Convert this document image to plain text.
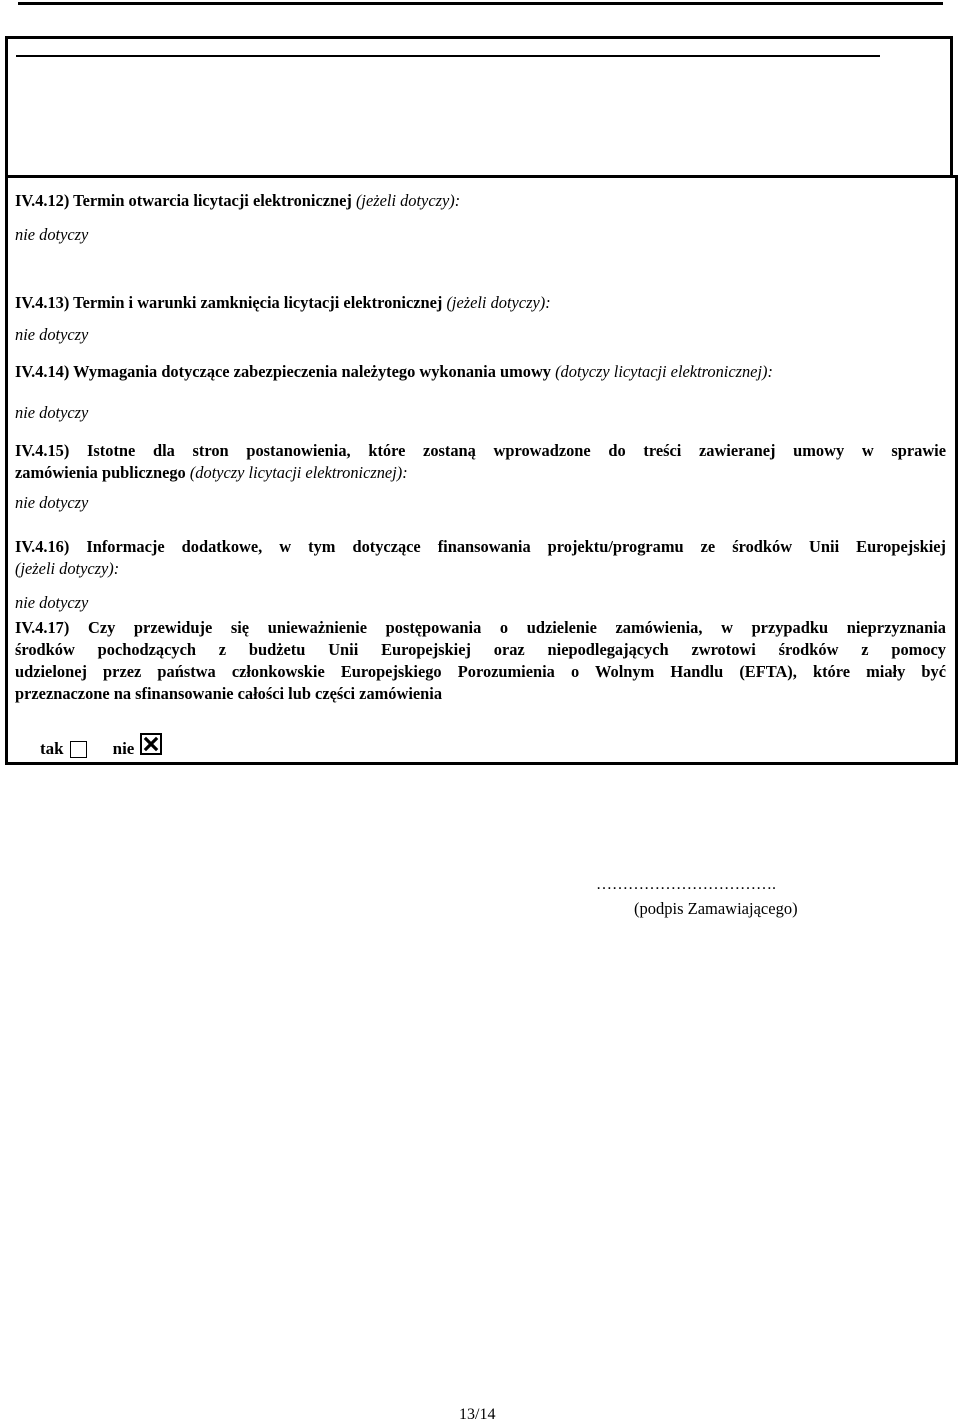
IV.4.12) Termin otwarcia licytacji elektronicznej (jeżeli dotyczy):

nie dotyczy

IV.4.13) Termin i warunki zamknięcia licytacji elektronicznej (jeżeli dotyczy):

nie dotyczy

IV.4.14) Wymagania dotyczące zabezpieczenia należytego wykonania umowy (dotyczy licytacji elektronicznej):

nie dotyczy

IV.4.15) Istotne dla stron postanowienia, które zostaną wprowadzone do treści zawieranej umowy w sprawie

zamówienia publicznego (dotyczy licytacji elektronicznej):

nie dotyczy

IV.4.16) Informacje dodatkowe, w tym dotyczące finansowania projektu/programu ze środków Unii Europejskiej

(jeżeli dotyczy):

nie dotyczy

IV.4.17) Czy przewiduje się unieważnienie postępowania o udzielenie zamówienia, w przypadku nieprzyznania

środków pochodzących z budżetu Unii Europejskiej oraz niepodlegających zwrotowi środków z pomocy

udzielonej przez państwa członkowskie Europejskiego Porozumienia o Wolnym Handlu (EFTA), które miały być

przeznaczone na sfinansowanie całości lub części zamówienia

tak	nie
…………………………….
(podpis Zamawiającego)
13/14
